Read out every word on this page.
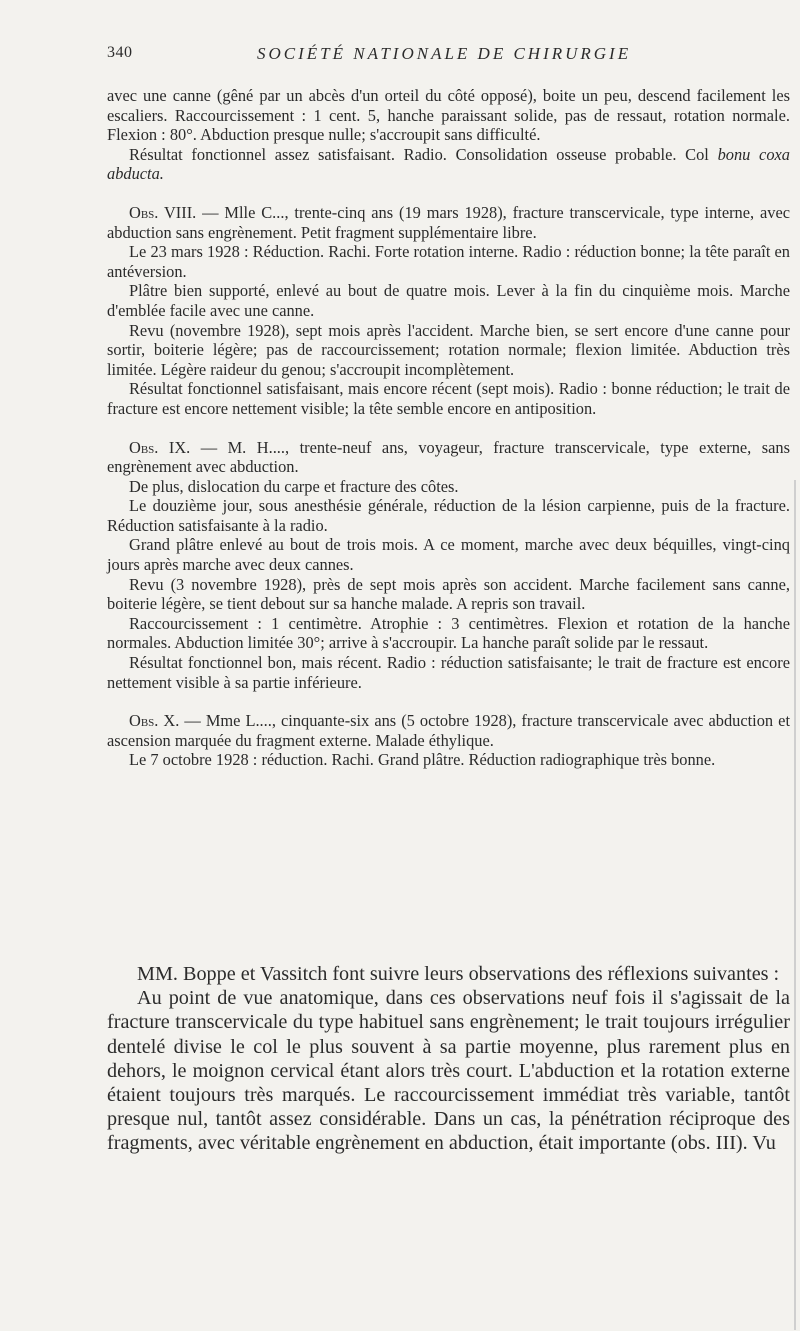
340	SOCIÉTÉ NATIONALE DE CHIRURGIE

avec une canne (gêné par un abcès d'un orteil du côté opposé), boite un peu, descend facilement les escaliers. Raccourcissement : 1 cent. 5, hanche paraissant solide, pas de ressaut, rotation normale. Flexion : 80°. Abduction presque nulle; s'accroupit sans difficulté.

Résultat fonctionnel assez satisfaisant. Radio. Consolidation osseuse probable. Col bonu coxa abducta.

Obs. VIII. — Mlle C..., trente-cinq ans (19 mars 1928), fracture transcervicale, type interne, avec abduction sans engrènement. Petit fragment supplémentaire libre.

Le 23 mars 1928 : Réduction. Rachi. Forte rotation interne. Radio : réduction bonne; la tête paraît en antéversion.

Plâtre bien supporté, enlevé au bout de quatre mois. Lever à la fin du cinquième mois. Marche d'emblée facile avec une canne.

Revu (novembre 1928), sept mois après l'accident. Marche bien, se sert encore d'une canne pour sortir, boiterie légère; pas de raccourcissement; rotation normale; flexion limitée. Abduction très limitée. Légère raideur du genou; s'accroupit incomplètement.

Résultat fonctionnel satisfaisant, mais encore récent (sept mois). Radio : bonne réduction; le trait de fracture est encore nettement visible; la tête semble encore en antiposition.

Obs. IX. — M. H...., trente-neuf ans, voyageur, fracture transcervicale, type externe, sans engrènement avec abduction.

De plus, dislocation du carpe et fracture des côtes.

Le douzième jour, sous anesthésie générale, réduction de la lésion carpienne, puis de la fracture. Réduction satisfaisante à la radio.

Grand plâtre enlevé au bout de trois mois. A ce moment, marche avec deux béquilles, vingt-cinq jours après marche avec deux cannes.

Revu (3 novembre 1928), près de sept mois après son accident. Marche facilement sans canne, boiterie légère, se tient debout sur sa hanche malade. A repris son travail.

Raccourcissement : 1 centimètre. Atrophie : 3 centimètres. Flexion et rotation de la hanche normales. Abduction limitée 30°; arrive à s'accroupir. La hanche paraît solide par le ressaut.

Résultat fonctionnel bon, mais récent. Radio : réduction satisfaisante; le trait de fracture est encore nettement visible à sa partie inférieure.

Obs. X. — Mme L...., cinquante-six ans (5 octobre 1928), fracture transcervicale avec abduction et ascension marquée du fragment externe. Malade éthylique.

Le 7 octobre 1928 : réduction. Rachi. Grand plâtre. Réduction radiographique très bonne.

MM. Boppe et Vassitch font suivre leurs observations des réflexions suivantes :

Au point de vue anatomique, dans ces observations neuf fois il s'agissait de la fracture transcervicale du type habituel sans engrènement; le trait toujours irrégulier dentelé divise le col le plus souvent à sa partie moyenne, plus rarement plus en dehors, le moignon cervical étant alors très court. L'abduction et la rotation externe étaient toujours très marqués. Le raccourcissement immédiat très variable, tantôt presque nul, tantôt assez considérable. Dans un cas, la pénétration réciproque des fragments, avec véritable engrènement en abduction, était importante (obs. III). Vu
